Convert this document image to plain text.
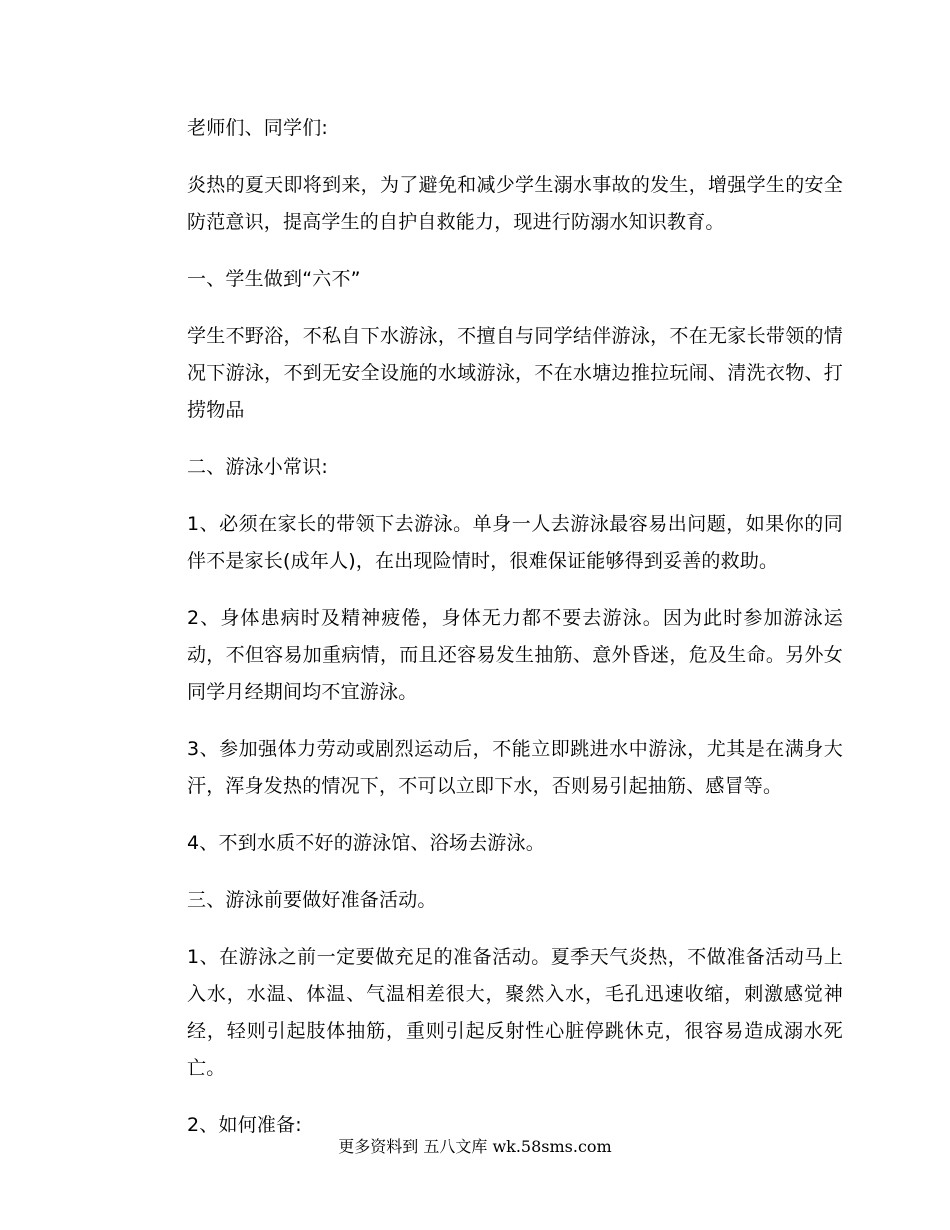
老师们、同学们:

炎热的夏天即将到来，为了避免和减少学生溺水事故的发生，增强学生的安全防范意识，提高学生的自护自救能力，现进行防溺水知识教育。

一、学生做到“六不”

学生不野浴，不私自下水游泳，不擅自与同学结伴游泳，不在无家长带领的情况下游泳，不到无安全设施的水域游泳，不在水塘边推拉玩闹、清洗衣物、打捞物品

二、游泳小常识:

1、必须在家长的带领下去游泳。单身一人去游泳最容易出问题，如果你的同伴不是家长(成年人)，在出现险情时，很难保证能够得到妥善的救助。

2、身体患病时及精神疲倦，身体无力都不要去游泳。因为此时参加游泳运动，不但容易加重病情，而且还容易发生抽筋、意外昏迷，危及生命。另外女同学月经期间均不宜游泳。

3、参加强体力劳动或剧烈运动后，不能立即跳进水中游泳，尤其是在满身大汗，浑身发热的情况下，不可以立即下水，否则易引起抽筋、感冒等。

4、不到水质不好的游泳馆、浴场去游泳。

三、游泳前要做好准备活动。

1、在游泳之前一定要做充足的准备活动。夏季天气炎热，不做准备活动马上入水，水温、体温、气温相差很大，聚然入水，毛孔迅速收缩，刺激感觉神经，轻则引起肢体抽筋，重则引起反射性心脏停跳休克，很容易造成溺水死亡。

2、如何准备:

更多资料到 五八文库 wk.58sms.com
